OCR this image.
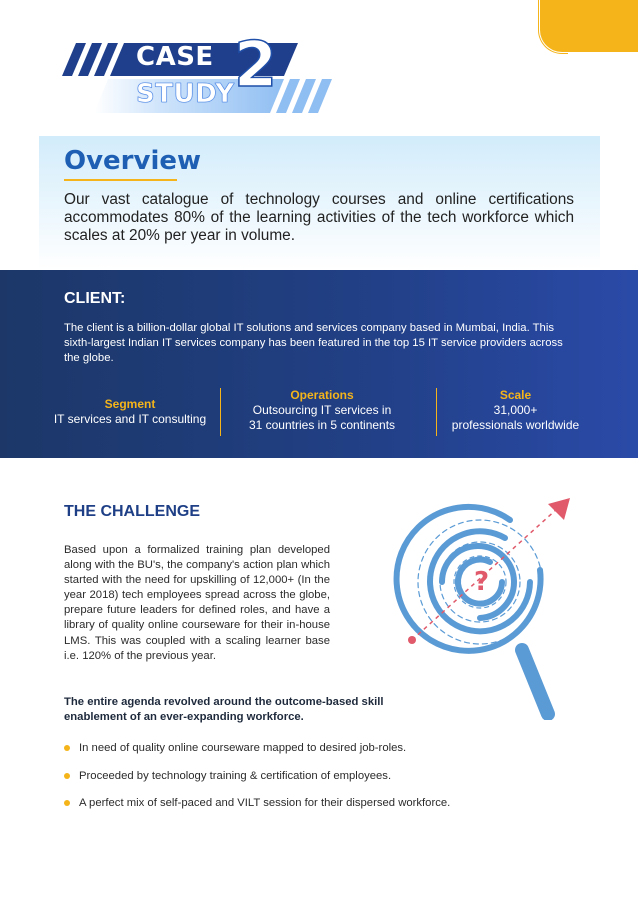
CASE
STUDY 2
Overview

Our vast catalogue of technology courses and online certifications accommodates 80% of the learning activities of the tech workforce which scales at 20% per year in volume.

CLIENT:

The client is a billion-dollar global IT solutions and services company based in Mumbai, India. This sixth-largest Indian IT services company has been featured in the top 15 IT service providers across the globe.

Segment
IT services and IT consulting
Operations
Outsourcing IT services in
31 countries in 5 continents
Scale
31,000+
professionals worldwide
THE CHALLENGE

Based upon a formalized training plan developed along with the BU's, the company's action plan which started with the need for upskilling of 12,000+ (In the year 2018) tech employees spread across the globe, prepare future leaders for defined roles, and have a library of quality online courseware for their in-house LMS. This was coupled with a scaling learner base i.e. 120% of the previous year.

?

The entire agenda revolved around the outcome-based skill enablement of an ever-expanding workforce.

In need of quality online courseware mapped to desired job-roles.
Proceeded by technology training & certification of employees.
A perfect mix of self-paced and VILT session for their dispersed workforce.
